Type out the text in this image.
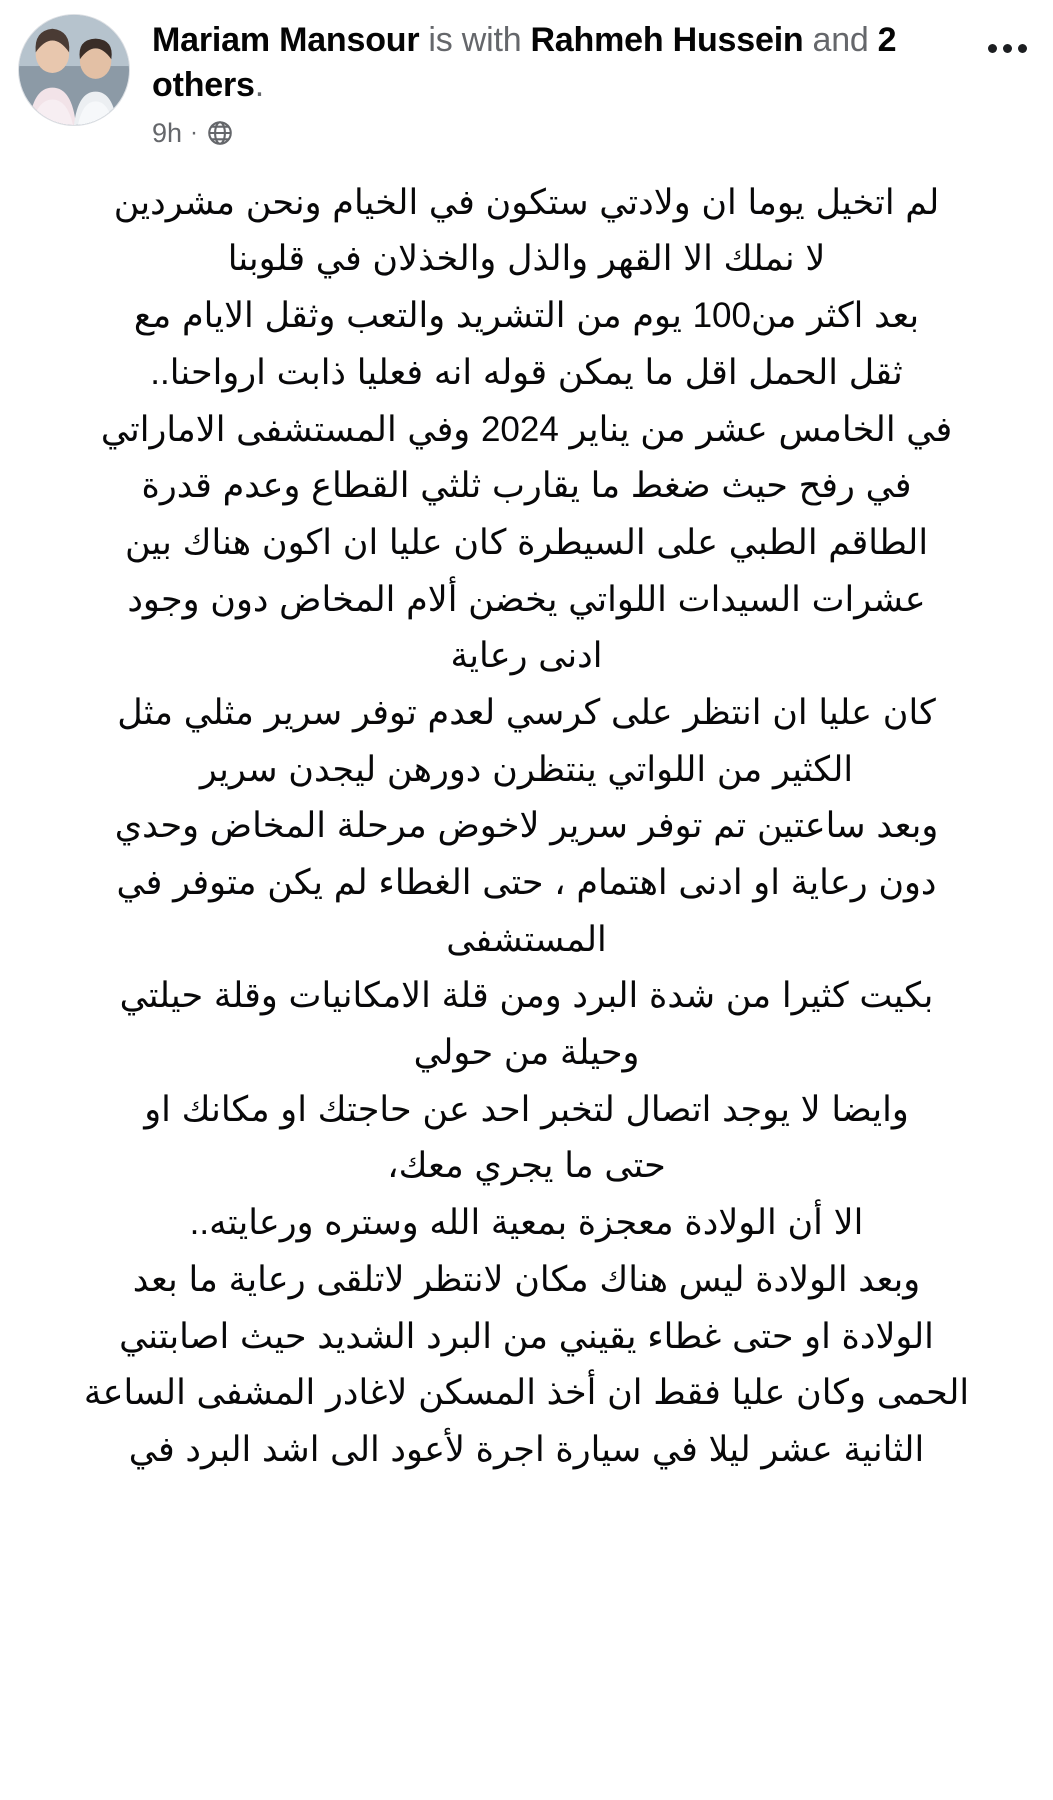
Mariam Mansour is with Rahmeh Hussein and 2 others.
9h ·

لم اتخيل يوما ان ولادتي ستكون في الخيام ونحن مشردين

لا نملك الا القهر والذل والخذلان في قلوبنا

بعد اكثر من100 يوم من التشريد والتعب وثقل الايام مع

ثقل الحمل اقل ما يمكن قوله انه فعليا ذابت ارواحنا..

في الخامس عشر من يناير 2024 وفي المستشفى الاماراتي

في رفح حيث ضغط ما يقارب ثلثي القطاع وعدم قدرة

الطاقم الطبي على السيطرة كان عليا ان اكون هناك بين

عشرات السيدات اللواتي يخضن ألام المخاض دون وجود

ادنى رعاية

كان عليا ان انتظر على كرسي لعدم توفر سرير مثلي مثل

الكثير من اللواتي ينتظرن دورهن ليجدن سرير

وبعد ساعتين تم توفر سرير لاخوض مرحلة المخاض وحدي

دون رعاية او ادنى اهتمام ، حتى الغطاء لم يكن متوفر في

المستشفى

بكيت كثيرا من شدة البرد ومن قلة الامكانيات وقلة حيلتي

وحيلة من حولي

وايضا لا يوجد اتصال لتخبر احد عن حاجتك او مكانك او

حتى ما يجري معك،

الا أن الولادة معجزة بمعية الله وستره ورعايته..

وبعد الولادة ليس هناك مكان لانتظر لاتلقى رعاية ما بعد

الولادة او حتى غطاء يقيني من البرد الشديد حيث اصابتني

الحمى وكان عليا فقط ان أخذ المسكن لاغادر المشفى الساعة

الثانية عشر ليلا في سيارة اجرة لأعود الى اشد البرد في
